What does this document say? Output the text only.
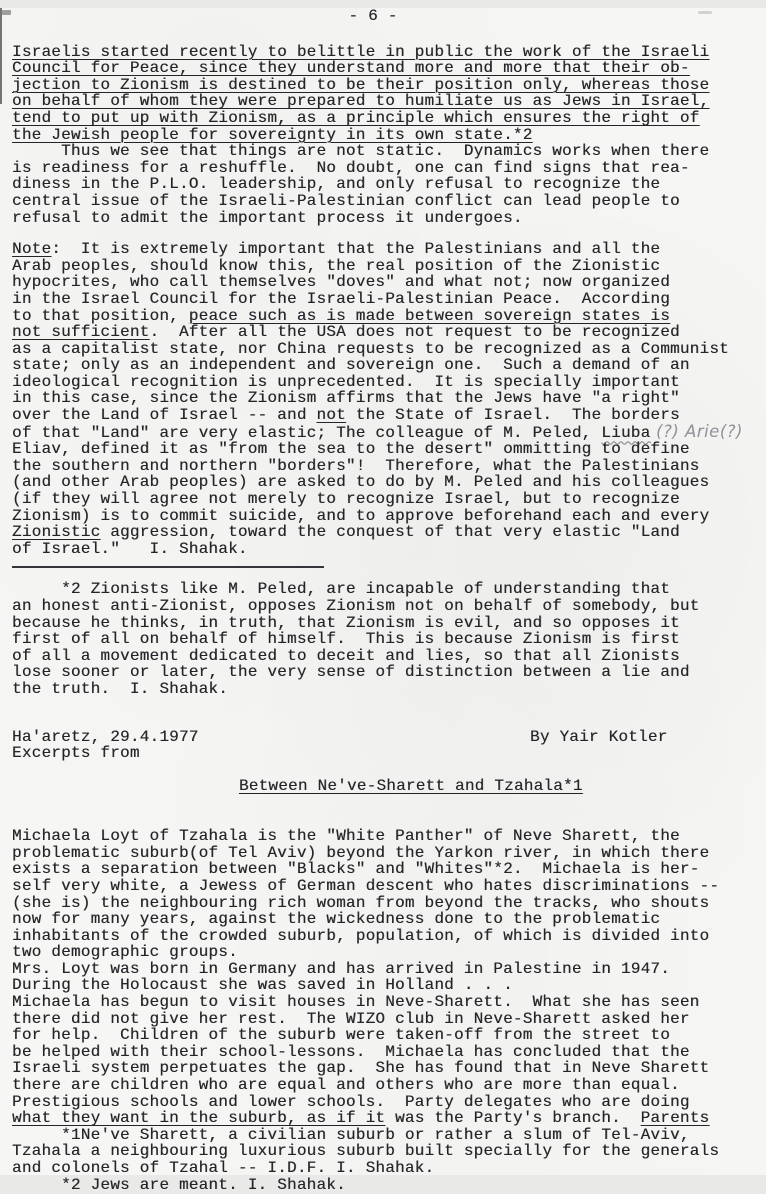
- 6 -
Israelis started recently to belittle in public the work of the Israeli
Council for Peace, since they understand more and more that their ob-
jection to Zionism is destined to be their position only, whereas those
on behalf of whom they were prepared to humiliate us as Jews in Israel,
tend to put up with Zionism, as a principle which ensures the right of
the Jewish people for sovereignty in its own state.*2
Thus we see that things are not static.  Dynamics works when there
is readiness for a reshuffle.  No doubt, one can find signs that rea-
diness in the P.L.O. leadership, and only refusal to recognize the
central issue of the Israeli-Palestinian conflict can lead people to
refusal to admit the important process it undergoes.
Note:  It is extremely important that the Palestinians and all the
Arab peoples, should know this, the real position of the Zionistic
hypocrites, who call themselves "doves" and what not; now organized
in the Israel Council for the Israeli-Palestinian Peace.  According
to that position, peace such as is made between sovereign states is
not sufficient.  After all the USA does not request to be recognized
as a capitalist state, nor China requests to be recognized as a Communist
state; only as an independent and sovereign one.  Such a demand of an
ideological recognition is unprecedented.  It is specially important
in this case, since the Zionism affirms that the Jews have "a right"
over the Land of Israel -- and not the State of Israel.  The borders
of that "Land" are very elastic; The colleague of M. Peled, Liuba (?) Arie(?)
Eliav, defined it as "from the sea to the desert" ommitting to define
the southern and northern "borders"!  Therefore, what the Palestinians
(and other Arab peoples) are asked to do by M. Peled and his colleagues
(if they will agree not merely to recognize Israel, but to recognize
Zionism) is to commit suicide, and to approve beforehand each and every
Zionistic aggression, toward the conquest of that very elastic "Land
of Israel."   I. Shahak.
*2 Zionists like M. Peled, are incapable of understanding that
an honest anti-Zionist, opposes Zionism not on behalf of somebody, but
because he thinks, in truth, that Zionism is evil, and so opposes it
first of all on behalf of himself.  This is because Zionism is first
of all a movement dedicated to deceit and lies, so that all Zionists
lose sooner or later, the very sense of distinction between a lie and
the truth.  I. Shahak.
Ha'aretz, 29.4.1977	By Yair Kotler
Excerpts from

Between Ne've-Sharett and Tzahala*1

Michaela Loyt of Tzahala is the "White Panther" of Neve Sharett, the
problematic suburb(of Tel Aviv) beyond the Yarkon river, in which there
exists a separation between "Blacks" and "Whites"*2.  Michaela is her-
self very white, a Jewess of German descent who hates discriminations --
(she is) the neighbouring rich woman from beyond the tracks, who shouts
now for many years, against the wickedness done to the problematic
inhabitants of the crowded suburb, population, of which is divided into
two demographic groups.
Mrs. Loyt was born in Germany and has arrived in Palestine in 1947.
During the Holocaust she was saved in Holland . . .
Michaela has begun to visit houses in Neve-Sharett.  What she has seen
there did not give her rest.  The WIZO club in Neve-Sharett asked her
for help.  Children of the suburb were taken-off from the street to
be helped with their school-lessons.  Michaela has concluded that the
Israeli system perpetuates the gap.  She has found that in Neve Sharett
there are children who are equal and others who are more than equal.
Prestigious schools and lower schools.  Party delegates who are doing
what they want in the suburb, as if it was the Party's branch.  Parents
*1Ne've Sharett, a civilian suburb or rather a slum of Tel-Aviv,
Tzahala a neighbouring luxurious suburb built specially for the generals
and colonels of Tzahal -- I.D.F. I. Shahak.
*2 Jews are meant. I. Shahak.
